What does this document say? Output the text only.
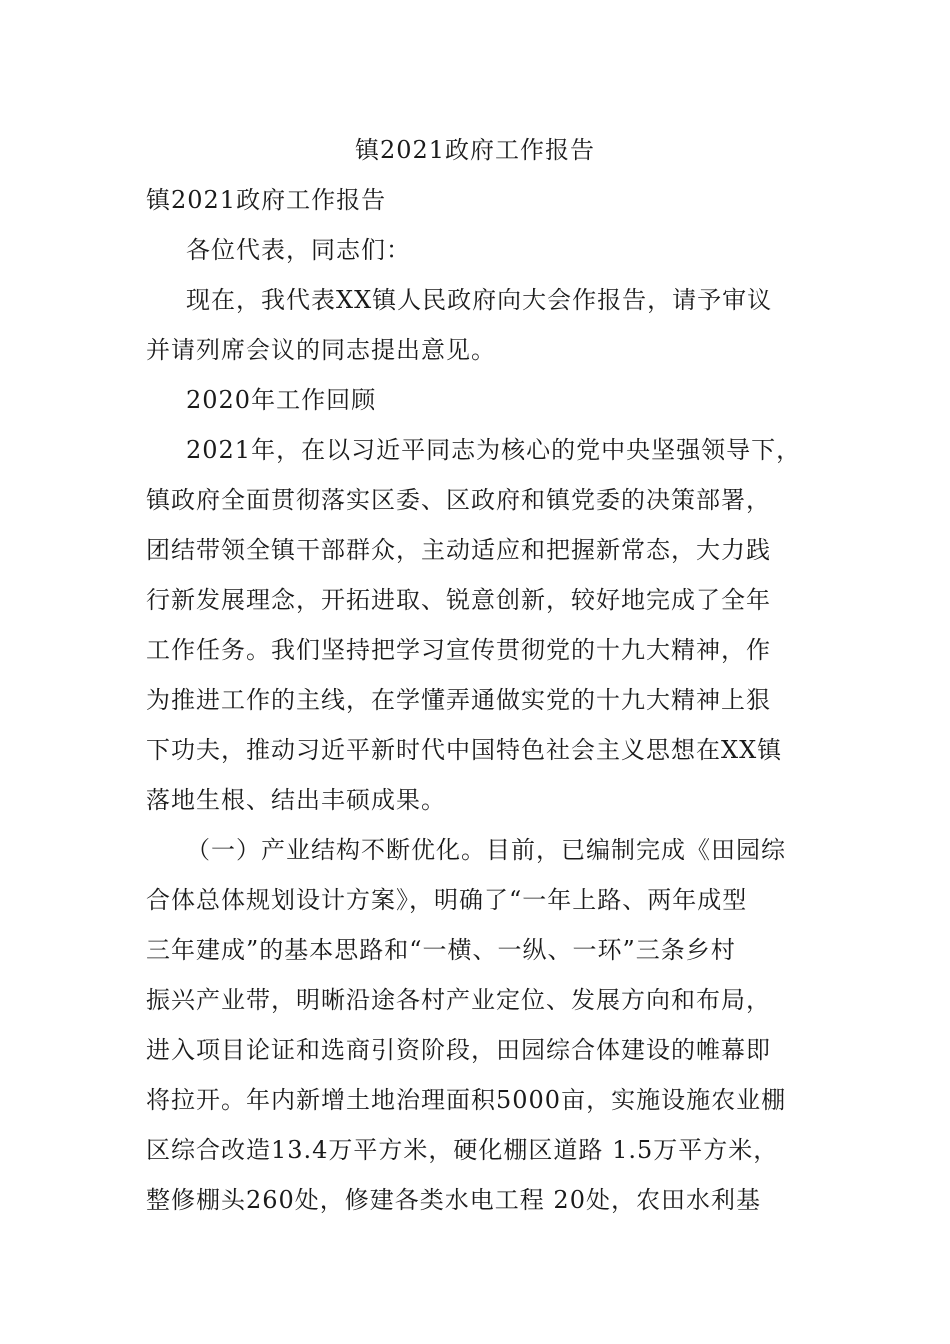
镇2021政府工作报告
镇2021政府工作报告
各位代表，同志们：
现在，我代表XX镇人民政府向大会作报告，请予审议
并请列席会议的同志提出意见。
2020年工作回顾
2021年，在以习近平同志为核心的党中央坚强领导下，
镇政府全面贯彻落实区委、区政府和镇党委的决策部署，
团结带领全镇干部群众，主动适应和把握新常态，大力践
行新发展理念，开拓进取、锐意创新，较好地完成了全年
工作任务。我们坚持把学习宣传贯彻党的十九大精神，作
为推进工作的主线，在学懂弄通做实党的十九大精神上狠
下功夫，推动习近平新时代中国特色社会主义思想在XX镇
落地生根、结出丰硕成果。
（一）产业结构不断优化。目前，已编制完成《田园综
合体总体规划设计方案》，明确了“一年上路、两年成型
三年建成”的基本思路和“一横、一纵、一环”三条乡村
振兴产业带，明晰沿途各村产业定位、发展方向和布局，
进入项目论证和选商引资阶段，田园综合体建设的帷幕即
将拉开。年内新增土地治理面积5000亩，实施设施农业棚
区综合改造13.4万平方米，硬化棚区道路 1.5万平方米，
整修棚头260处，修建各类水电工程 20处，农田水利基
